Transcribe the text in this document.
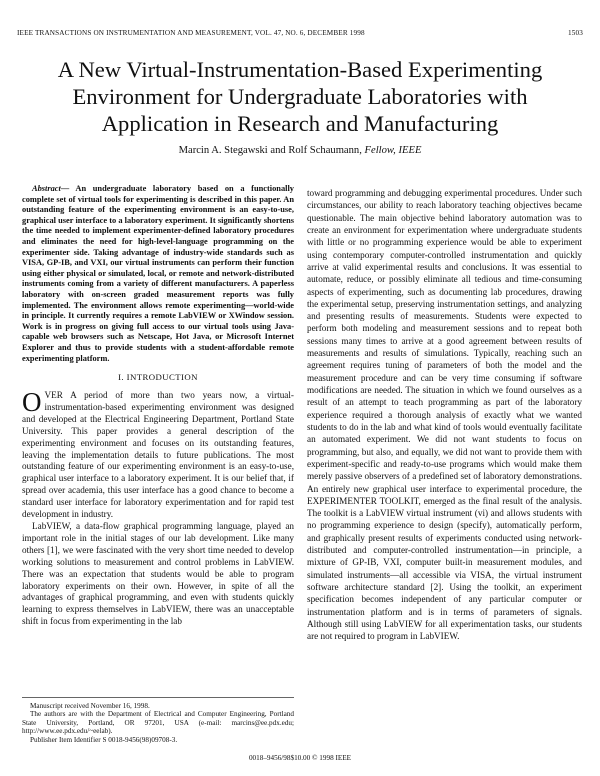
IEEE TRANSACTIONS ON INSTRUMENTATION AND MEASUREMENT, VOL. 47, NO. 6, DECEMBER 1998	1503
A New Virtual-Instrumentation-Based Experimenting Environment for Undergraduate Laboratories with Application in Research and Manufacturing
Marcin A. Stegawski and Rolf Schaumann, Fellow, IEEE

Abstract— An undergraduate laboratory based on a functionally complete set of virtual tools for experimenting is described in this paper. An outstanding feature of the experimenting environment is an easy-to-use, graphical user interface to a laboratory experiment. It significantly shortens the time needed to implement experimenter-defined laboratory procedures and eliminates the need for high-level-language programming on the experimenter side. Taking advantage of industry-wide standards such as VISA, GP-IB, and VXI, our virtual instruments can perform their function using either physical or simulated, local, or remote and network-distributed instruments coming from a variety of different manufacturers. A paperless laboratory with on-screen graded measurement reports was fully implemented. The environment allows remote experimenting—world-wide in principle. It currently requires a remote LabVIEW or XWindow session. Work is in progress on giving full access to our virtual tools using Java-capable web browsers such as Netscape, Hot Java, or Microsoft Internet Explorer and thus to provide students with a student-affordable remote experimenting platform.

I. INTRODUCTION

OVER A period of more than two years now, a virtual-instrumentation-based experimenting environment was designed and developed at the Electrical Engineering Department, Portland State University. This paper provides a general description of the experimenting environment and focuses on its outstanding features, leaving the implementation details to future publications. The most outstanding feature of our experimenting environment is an easy-to-use, graphical user interface to a laboratory experiment. It is our belief that, if spread over academia, this user interface has a good chance to become a standard user interface for laboratory experimentation and for rapid test development in industry.

LabVIEW, a data-flow graphical programming language, played an important role in the initial stages of our lab development. Like many others [1], we were fascinated with the very short time needed to develop working solutions to measurement and control problems in LabVIEW. There was an expectation that students would be able to program laboratory experiments on their own. However, in spite of all the advantages of graphical programming, and even with students quickly learning to express themselves in LabVIEW, there was an unacceptable shift in focus from experimenting in the lab

Manuscript received November 16, 1998.

The authors are with the Department of Electrical and Computer Engineering, Portland State University, Portland, OR 97201, USA (e-mail: marcins@ee.pdx.edu; http://www.ee.pdx.edu/~eelab).

Publisher Item Identifier S 0018-9456(98)09708-3.

toward programming and debugging experimental procedures. Under such circumstances, our ability to reach laboratory teaching objectives became questionable. The main objective behind laboratory automation was to create an environment for experimentation where undergraduate students with little or no programming experience would be able to experiment using contemporary computer-controlled instrumentation and quickly arrive at valid experimental results and conclusions. It was essential to automate, reduce, or possibly eliminate all tedious and time-consuming aspects of experimenting, such as documenting lab procedures, drawing the experimental setup, preserving instrumentation settings, and analyzing and presenting results of measurements. Students were expected to perform both modeling and measurement sessions and to repeat both sessions many times to arrive at a good agreement between results of measurements and results of simulations. Typically, reaching such an agreement requires tuning of parameters of both the model and the measurement procedure and can be very time consuming if software modifications are needed. The situation in which we found ourselves as a result of an attempt to teach programming as part of the laboratory experience required a thorough analysis of exactly what we wanted students to do in the lab and what kind of tools would eventually facilitate an automated experiment. We did not want students to focus on programming, but also, and equally, we did not want to provide them with experiment-specific and ready-to-use programs which would make them merely passive observers of a predefined set of laboratory demonstrations. An entirely new graphical user interface to experimental procedure, the EXPERIMENTER TOOLKIT, emerged as the final result of the analysis. The toolkit is a LabVIEW virtual instrument (vi) and allows students with no programming experience to design (specify), automatically perform, and graphically present results of experiments conducted using network-distributed and computer-controlled instrumentation—in principle, a mixture of GP-IB, VXI, computer built-in measurement modules, and simulated instruments—all accessible via VISA, the virtual instrument software architecture standard [2]. Using the toolkit, an experiment specification becomes independent of any particular computer or instrumentation platform and is in terms of parameters of signals. Although still using LabVIEW for all experimentation tasks, our students are not required to program in LabVIEW.

0018–9456/98$10.00 © 1998 IEEE
